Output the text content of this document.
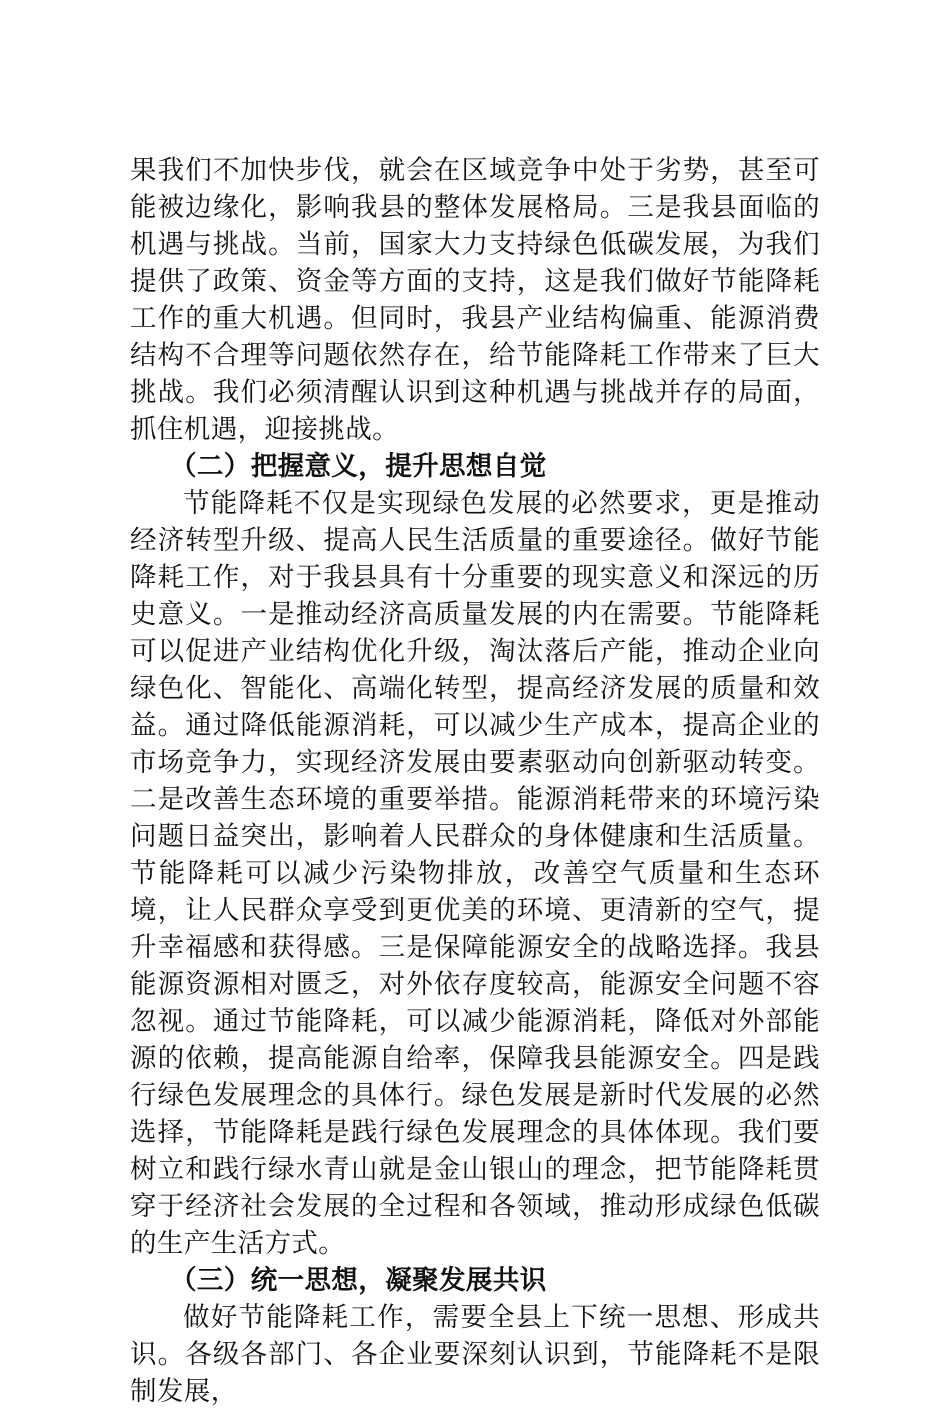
果我们不加快步伐，就会在区域竞争中处于劣势，甚至可能被边缘化，影响我县的整体发展格局。三是我县面临的机遇与挑战。当前，国家大力支持绿色低碳发展，为我们提供了政策、资金等方面的支持，这是我们做好节能降耗工作的重大机遇。但同时，我县产业结构偏重、能源消费结构不合理等问题依然存在，给节能降耗工作带来了巨大挑战。我们必须清醒认识到这种机遇与挑战并存的局面，抓住机遇，迎接挑战。

（二）把握意义，提升思想自觉

节能降耗不仅是实现绿色发展的必然要求，更是推动经济转型升级、提高人民生活质量的重要途径。做好节能降耗工作，对于我县具有十分重要的现实意义和深远的历史意义。一是推动经济高质量发展的内在需要。节能降耗可以促进产业结构优化升级，淘汰落后产能，推动企业向绿色化、智能化、高端化转型，提高经济发展的质量和效益。通过降低能源消耗，可以减少生产成本，提高企业的市场竞争力，实现经济发展由要素驱动向创新驱动转变。二是改善生态环境的重要举措。能源消耗带来的环境污染问题日益突出，影响着人民群众的身体健康和生活质量。节能降耗可以减少污染物排放，改善空气质量和生态环境，让人民群众享受到更优美的环境、更清新的空气，提升幸福感和获得感。三是保障能源安全的战略选择。我县能源资源相对匮乏，对外依存度较高，能源安全问题不容忽视。通过节能降耗，可以减少能源消耗，降低对外部能源的依赖，提高能源自给率，保障我县能源安全。四是践行绿色发展理念的具体行。绿色发展是新时代发展的必然选择，节能降耗是践行绿色发展理念的具体体现。我们要树立和践行绿水青山就是金山银山的理念，把节能降耗贯穿于经济社会发展的全过程和各领域，推动形成绿色低碳的生产生活方式。

（三）统一思想，凝聚发展共识

做好节能降耗工作，需要全县上下统一思想、形成共识。各级各部门、各企业要深刻认识到，节能降耗不是限制发展，
